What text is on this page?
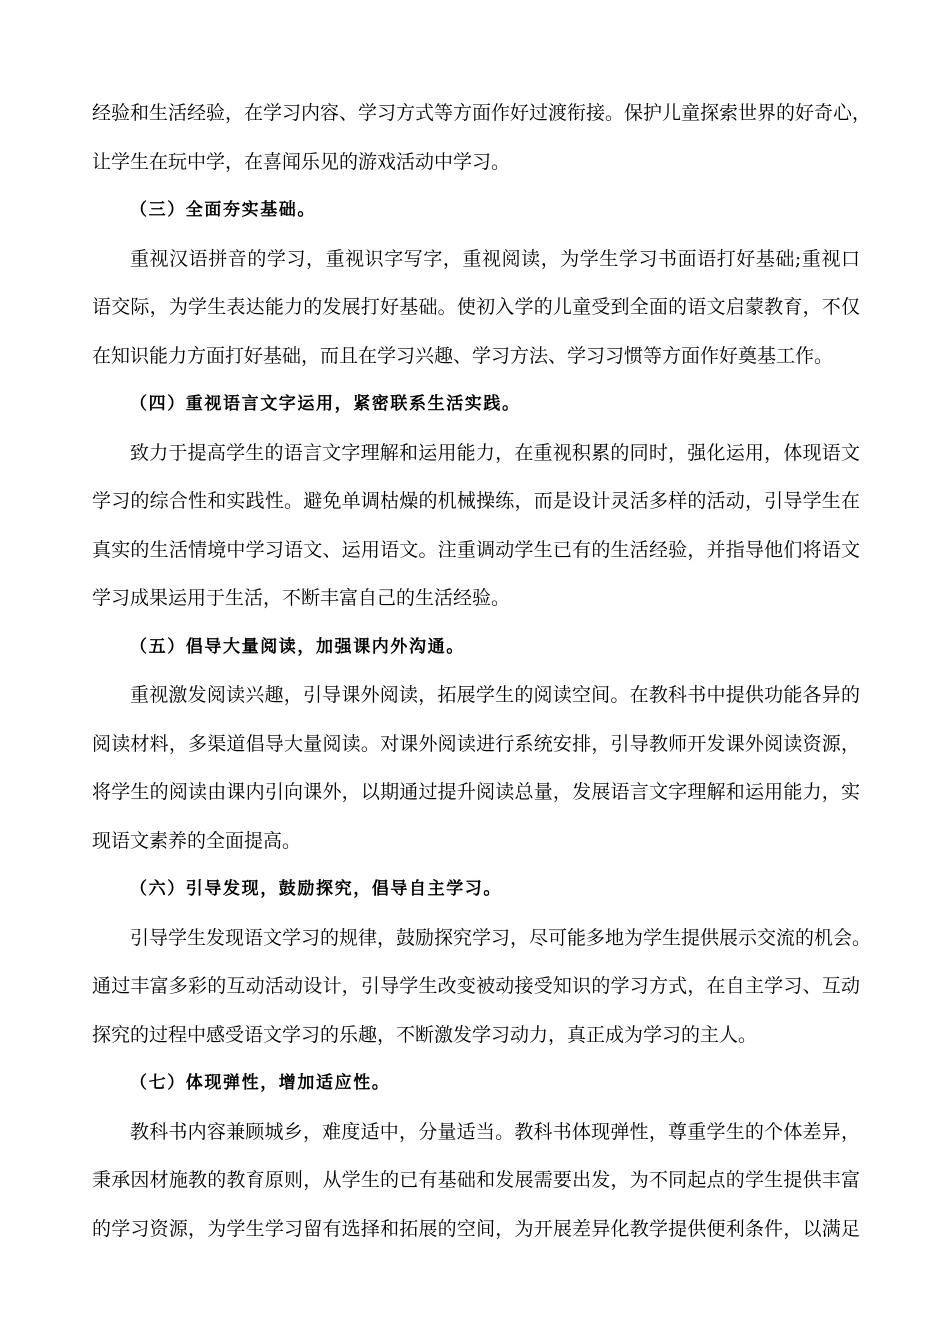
经验和生活经验，在学习内容、学习方式等方面作好过渡衔接。保护儿童探索世界的好奇心，
让学生在玩中学，在喜闻乐见的游戏活动中学习。
（三）全面夯实基础。
重视汉语拼音的学习，重视识字写字，重视阅读，为学生学习书面语打好基础;重视口
语交际，为学生表达能力的发展打好基础。使初入学的儿童受到全面的语文启蒙教育，不仅
在知识能力方面打好基础，而且在学习兴趣、学习方法、学习习惯等方面作好奠基工作。
（四）重视语言文字运用，紧密联系生活实践。
致力于提高学生的语言文字理解和运用能力，在重视积累的同时，强化运用，体现语文
学习的综合性和实践性。避免单调枯燥的机械操练，而是设计灵活多样的活动，引导学生在
真实的生活情境中学习语文、运用语文。注重调动学生已有的生活经验，并指导他们将语文
学习成果运用于生活，不断丰富自己的生活经验。
（五）倡导大量阅读，加强课内外沟通。
重视激发阅读兴趣，引导课外阅读，拓展学生的阅读空间。在教科书中提供功能各异的
阅读材料，多渠道倡导大量阅读。对课外阅读进行系统安排，引导教师开发课外阅读资源，
将学生的阅读由课内引向课外，以期通过提升阅读总量，发展语言文字理解和运用能力，实
现语文素养的全面提高。
（六）引导发现，鼓励探究，倡导自主学习。
引导学生发现语文学习的规律，鼓励探究学习，尽可能多地为学生提供展示交流的机会。
通过丰富多彩的互动活动设计，引导学生改变被动接受知识的学习方式，在自主学习、互动
探究的过程中感受语文学习的乐趣，不断激发学习动力，真正成为学习的主人。
（七）体现弹性，增加适应性。
教科书内容兼顾城乡，难度适中，分量适当。教科书体现弹性，尊重学生的个体差异，
秉承因材施教的教育原则，从学生的已有基础和发展需要出发，为不同起点的学生提供丰富
的学习资源，为学生学习留有选择和拓展的空间，为开展差异化教学提供便利条件，以满足
